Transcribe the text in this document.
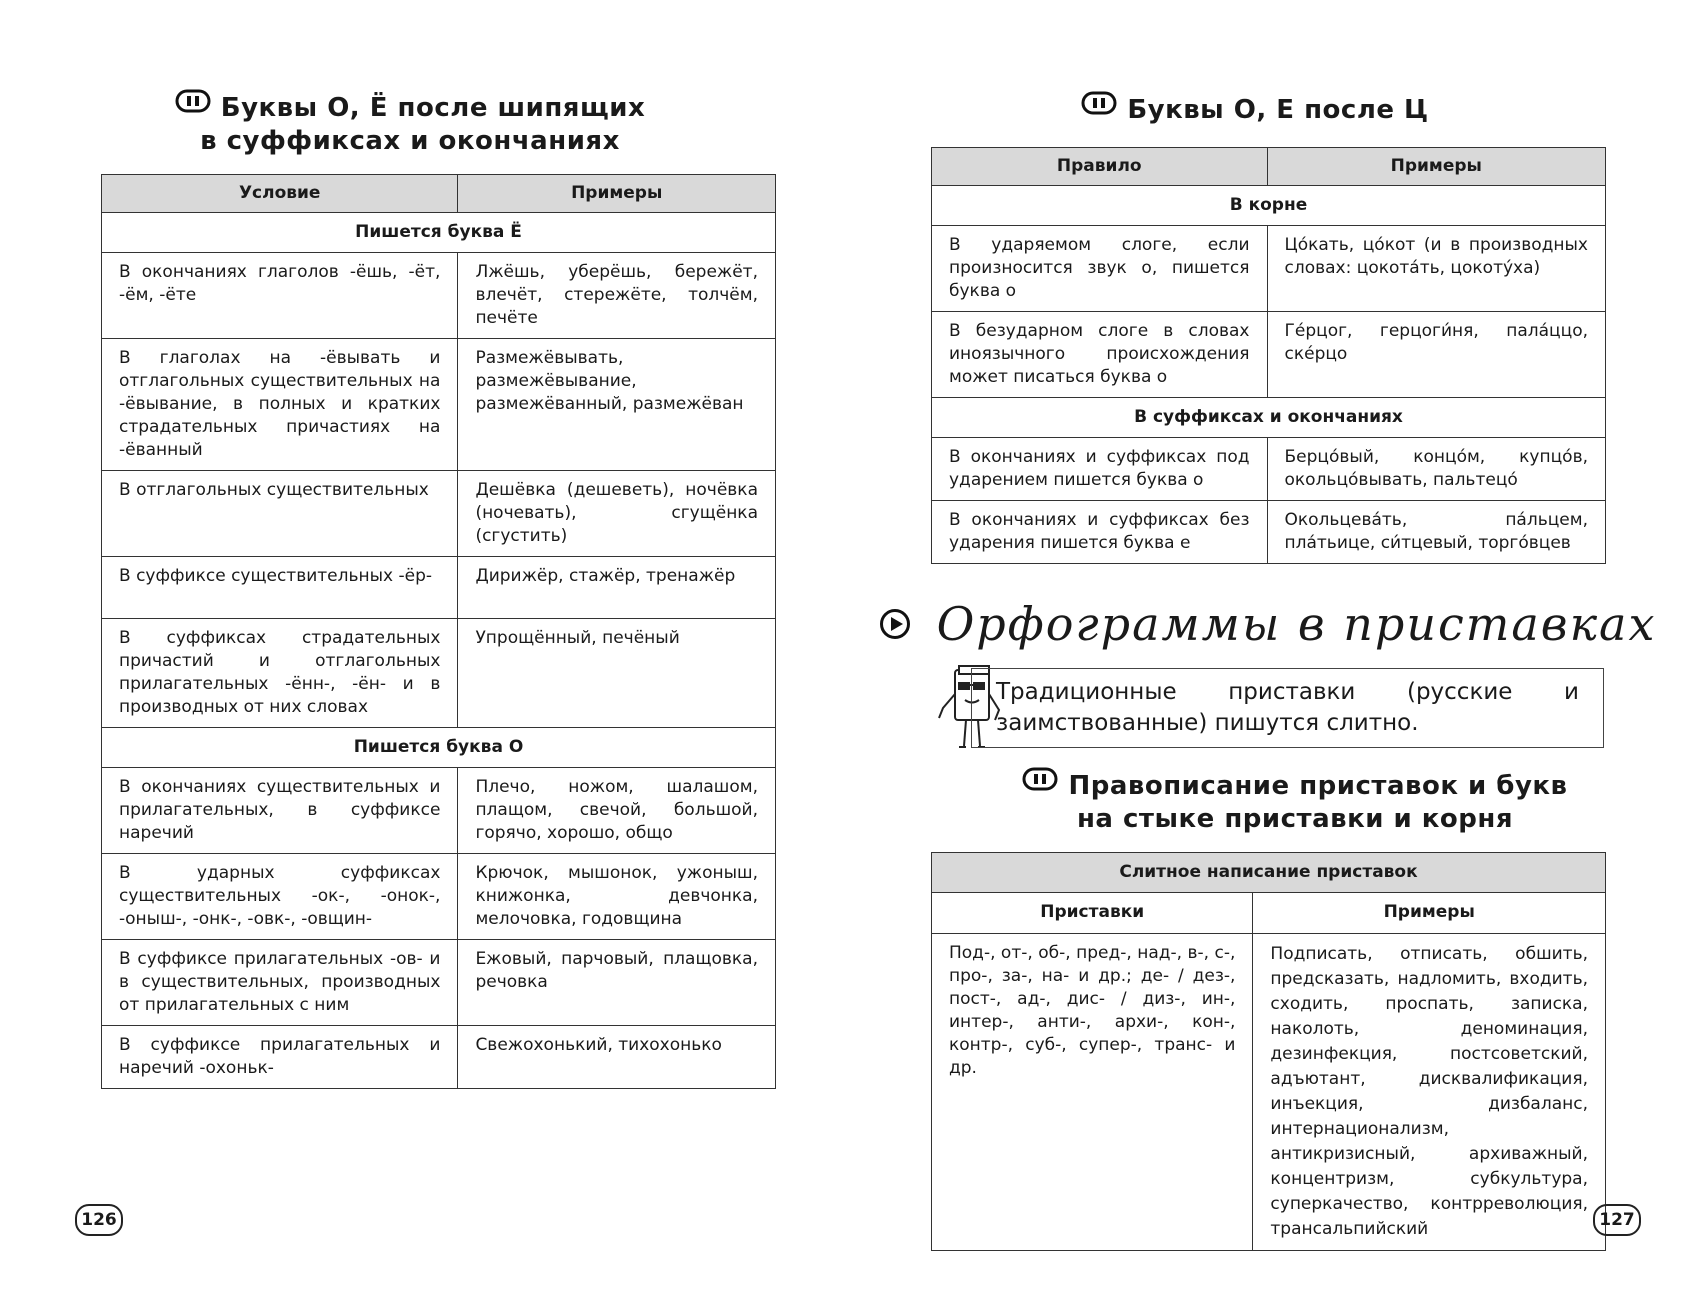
Буквы О, Ё после шипящих
в суффиксах и окончаниях
Условие	Примеры
Пишется буква Ё	
В окончаниях глаголов -ёшь, -ёт, -ём, -ёте	Лжёшь, уберёшь, бережёт, влечёт, стережёте, толчём, печёте
В глаголах на -ёвывать и отглагольных существительных на -ёвывание, в полных и кратких страдательных причастиях на -ёванный	Размежёвывать, размежёвывание, размежёванный, размежёван
В отглагольных существительных	Дешёвка (дешеветь), ночёвка (ночевать), сгущёнка (сгустить)
В суффиксе существительных -ёр-	Дирижёр, стажёр, тренажёр
В суффиксах страдательных причастий и отглагольных прилагательных -ённ-, -ён- и в производных от них словах	Упрощённый, печёный
Пишется буква О	
В окончаниях существительных и прилагательных, в суффиксе наречий	Плечо, ножом, шалашом, плащом, свечой, большой, горячо, хорошо, общо
В ударных суффиксах существительных -ок-, -онок-, -оныш-, -онк-, -овк-, -овщин-	Крючок, мышонок, ужоныш, книжонка, девчонка, мелочовка, годовщина
В суффиксе прилагательных -ов- и в существительных, производных от прилагательных с ним	Ежовый, парчовый, плащовка, речовка
В суффиксе прилагательных и наречий -охоньк-	Свежохонький, тихохонько
126
Буквы О, Е после Ц
Правило	Примеры
В корне	
В ударяемом слоге, если произносится звук о, пишется буква о	Цо́кать, цо́кот (и в производных словах: цокота́ть, цокоту́ха)
В безударном слоге в словах иноязычного происхождения может писаться буква о	Ге́рцог, герцоги́ня, пала́ццо, скéрцо
В суффиксах и окончаниях	
В окончаниях и суффиксах под ударением пишется буква о	Берцо́вый, концо́м, купцо́в, окольцо́вывать, пальтецо́
В окончаниях и суффиксах без ударения пишется буква е	Окольцева́ть, па́льцем, пла́тьице, си́тцевый, торго́вцев
Орфограммы в приставках
Традиционные приставки (русские и заимствованные) пишутся слитно.
Правописание приставок и букв
на стыке приставки и корня
Слитное написание приставок	
Приставки	Примеры
Под-, от-, об-, пред-, над-, в-, с-, про-, за-, на- и др.; де- / дез-, пост-, ад-, дис- / диз-, ин-, интер-, анти-, архи-, кон-, контр-, суб-, супер-, транс- и др.	Подписать, отписать, обшить, предсказать, надломить, входить, сходить, проспать, записка, наколоть, деноминация, дезинфекция, постсоветский, адъютант, дисквалификация, инъекция, дизбаланс, интернационализм, антикризисный, архиважный, концентризм, субкультура, суперкачество, контрреволюция, трансальпийский	127
